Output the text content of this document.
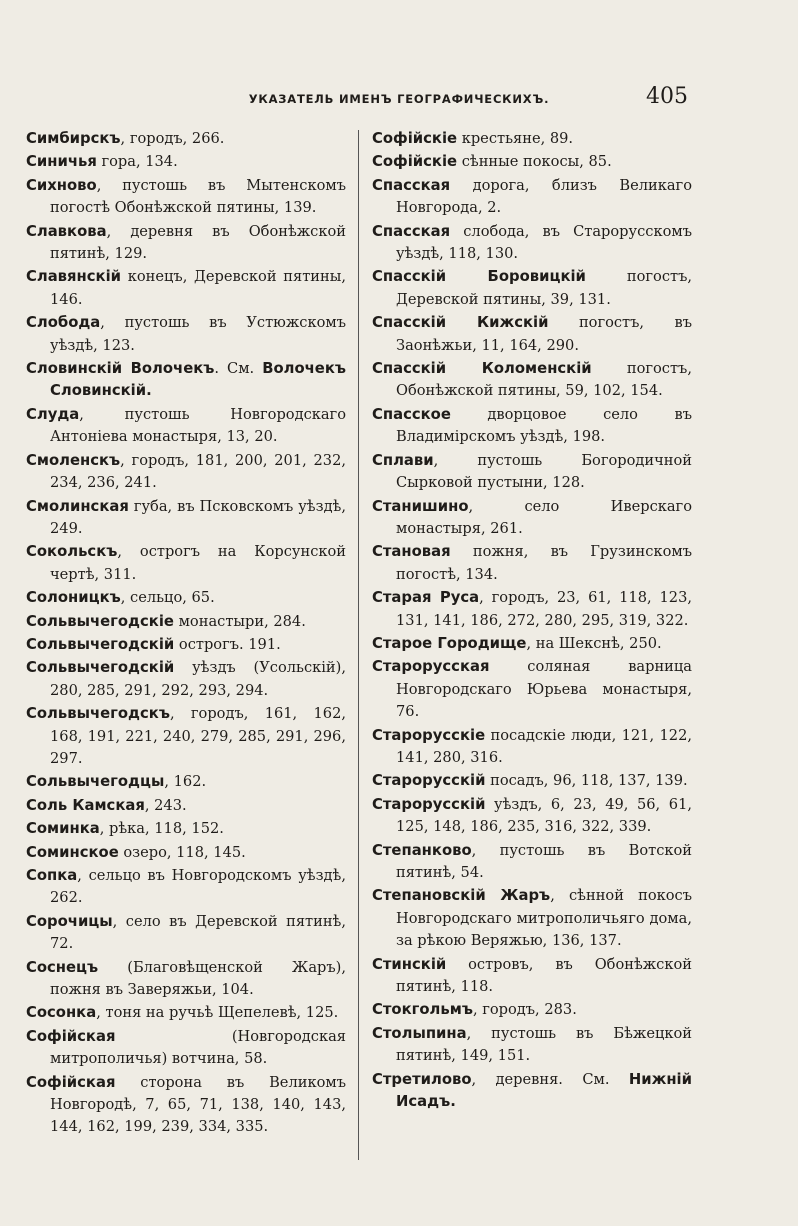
УКАЗАТЕЛЬ ИМЕНЪ ГЕОГРАФИЧЕСКИХЪ.	405
Симбирскъ, городъ, 266.
Синичья гора, 134.
Сихново, пустошь въ Мытенскомъ погостѣ Обонѣжской пятины, 139.
Славкова, деревня въ Обонѣжской пятинѣ, 129.
Славянскій конецъ, Деревской пятины, 146.
Слобода, пустошь въ Устюжскомъ уѣздѣ, 123.
Словинскій Волочекъ. См. Волочекъ Словинскій.
Слуда, пустошь Новгородскаго Антоніева монастыря, 13, 20.
Смоленскъ, городъ, 181, 200, 201, 232, 234, 236, 241.
Смолинская губа, въ Псковскомъ уѣздѣ, 249.
Сокольскъ, острогъ на Корсунской чертѣ, 311.
Солоницкъ, сельцо, 65.
Сольвычегодскіе монастыри, 284.
Сольвычегодскій острогъ. 191.
Сольвычегодскій уѣздъ (Усольскій), 280, 285, 291, 292, 293, 294.
Сольвычегодскъ, городъ, 161, 162, 168, 191, 221, 240, 279, 285, 291, 296, 297.
Сольвычегодцы, 162.
Соль Камская, 243.
Соминка, рѣка, 118, 152.
Соминское озеро, 118, 145.
Сопка, сельцо въ Новгородскомъ уѣздѣ, 262.
Сорочицы, село въ Деревской пятинѣ, 72.
Соснецъ (Благовѣщенской Жаръ), пожня въ Заверяжьи, 104.
Сосонка, тоня на ручьѣ Щепелевѣ, 125.
Софійская (Новгородская митрополичья) вотчина, 58.
Софійская сторона въ Великомъ Новгородѣ, 7, 65, 71, 138, 140, 143, 144, 162, 199, 239, 334, 335.
Софійскіе крестьяне, 89.
Софійскіе сѣнные покосы, 85.
Спасская дорога, близъ Великаго Новгорода, 2.
Спасская слобода, въ Старорусскомъ уѣздѣ, 118, 130.
Спасскій Боровицкій погостъ, Деревской пятины, 39, 131.
Спасскій Кижскій погостъ, въ Заонѣжьи, 11, 164, 290.
Спасскій Коломенскій погостъ, Обонѣжской пятины, 59, 102, 154.
Спасское дворцовое село въ Владимірскомъ уѣздѣ, 198.
Сплави, пустошь Богородичной Сырковой пустыни, 128.
Станишино, село Иверскаго монастыря, 261.
Становая пожня, въ Грузинскомъ погостѣ, 134.
Старая Руса, городъ, 23, 61, 118, 123, 131, 141, 186, 272, 280, 295, 319, 322.
Старое Городище, на Шекснѣ, 250.
Старорусская соляная варница Новгородскаго Юрьева монастыря, 76.
Старорусскіе посадскіе люди, 121, 122, 141, 280, 316.
Старорусскій посадъ, 96, 118, 137, 139.
Старорусскій уѣздъ, 6, 23, 49, 56, 61, 125, 148, 186, 235, 316, 322, 339.
Степанково, пустошь въ Вотской пятинѣ, 54.
Степановскій Жаръ, сѣнной покосъ Новгородскаго митрополичьяго дома, за рѣкою Веряжью, 136, 137.
Стинскій островъ, въ Обонѣжской пятинѣ, 118.
Стокгольмъ, городъ, 283.
Столыпина, пустошь въ Бѣжецкой пятинѣ, 149, 151.
Стретилово, деревня. См. Нижній Исадъ.
